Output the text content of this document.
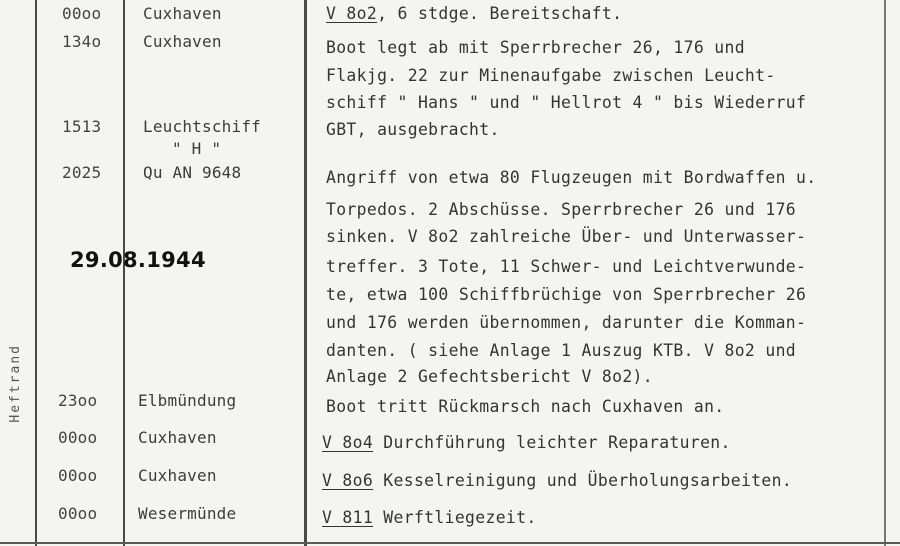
Heftrand
29.08.1944
00oo
134o
1513
2025
23oo
00oo
00oo
00oo
Cuxhaven
Cuxhaven
Leuchtschiff
" H "
Qu AN 9648
Elbmündung
Cuxhaven
Cuxhaven
Wesermünde
V 8o2, 6 stdge. Bereitschaft.
Boot legt ab mit Sperrbrecher 26, 176 und
Flakjg. 22 zur Minenaufgabe zwischen Leucht-
schiff " Hans " und " Hellrot 4 " bis Wiederruf
GBT, ausgebracht.
Angriff von etwa 80 Flugzeugen mit Bordwaffen u.
Torpedos. 2 Abschüsse. Sperrbrecher 26 und 176
sinken. V 8o2 zahlreiche Über- und Unterwasser-
treffer. 3 Tote, 11 Schwer- und Leichtverwunde-
te, etwa 100 Schiffbrüchige von Sperrbrecher 26
und 176 werden übernommen, darunter die Komman-
danten. ( siehe Anlage 1 Auszug KTB. V 8o2 und
Anlage 2 Gefechtsbericht V 8o2).
Boot tritt Rückmarsch nach Cuxhaven an.
V 8o4 Durchführung leichter Reparaturen.
V 8o6 Kesselreinigung und Überholungsarbeiten.
V 811 Werftliegezeit.
